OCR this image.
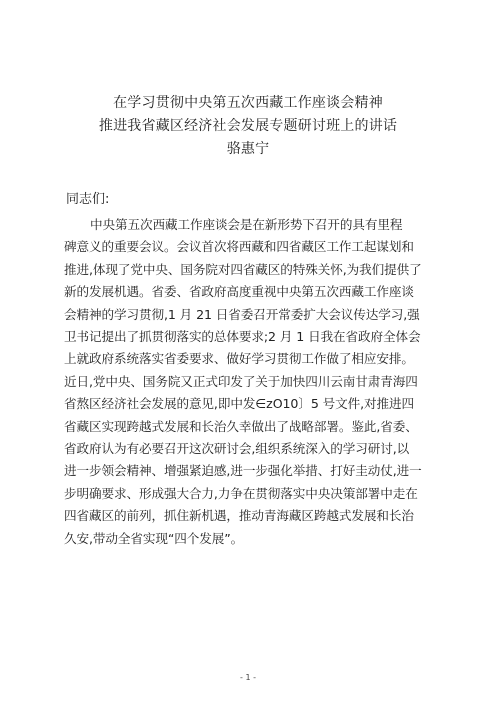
在学习贯彻中央第五次西藏工作座谈会精神
推进我省藏区经济社会发展专题研讨班上的讲话
骆惠宁
同志们:
中央第五次西藏工作座谈会是在新形势下召开的具有里程
碑意义的重要会议。会议首次将西藏和四省藏区工作工起谋划和
推进,体现了党中央、国务院对四省藏区的特殊关怀,为我们提供了
新的发展机遇。省委、省政府高度重视中央第五次西藏工作座谈
会精神的学习贯彻,1 月 21 日省委召开常委扩大会议传达学习,强
卫书记提出了抓贯彻落实的总体要求;2 月 1 日我在省政府全体会
上就政府系统落实省委要求、做好学习贯彻工作做了相应安排。
近日,党中央、国务院又正式印发了关于加快四川云南甘肃青海四
省熬区经济社会发展的意见,即中发∈zO10〕5 号文件,对推进四
省藏区实现跨越式发展和长治久幸做出了战略部署。鉴此,省委、
省政府认为有必要召开这次研讨会,组织系统深入的学习研讨,以
进一步领会精神、增强紧迫感,进一步强化举措、打好圭动仗,进一
步明确要求、形成强大合力,力争在贯彻落实中央决策部署中走在
四省藏区的前列，抓住新机遇，推动青海藏区跨越式发展和长治
久安,带动全省实现“四个发展”。
- 1 -
